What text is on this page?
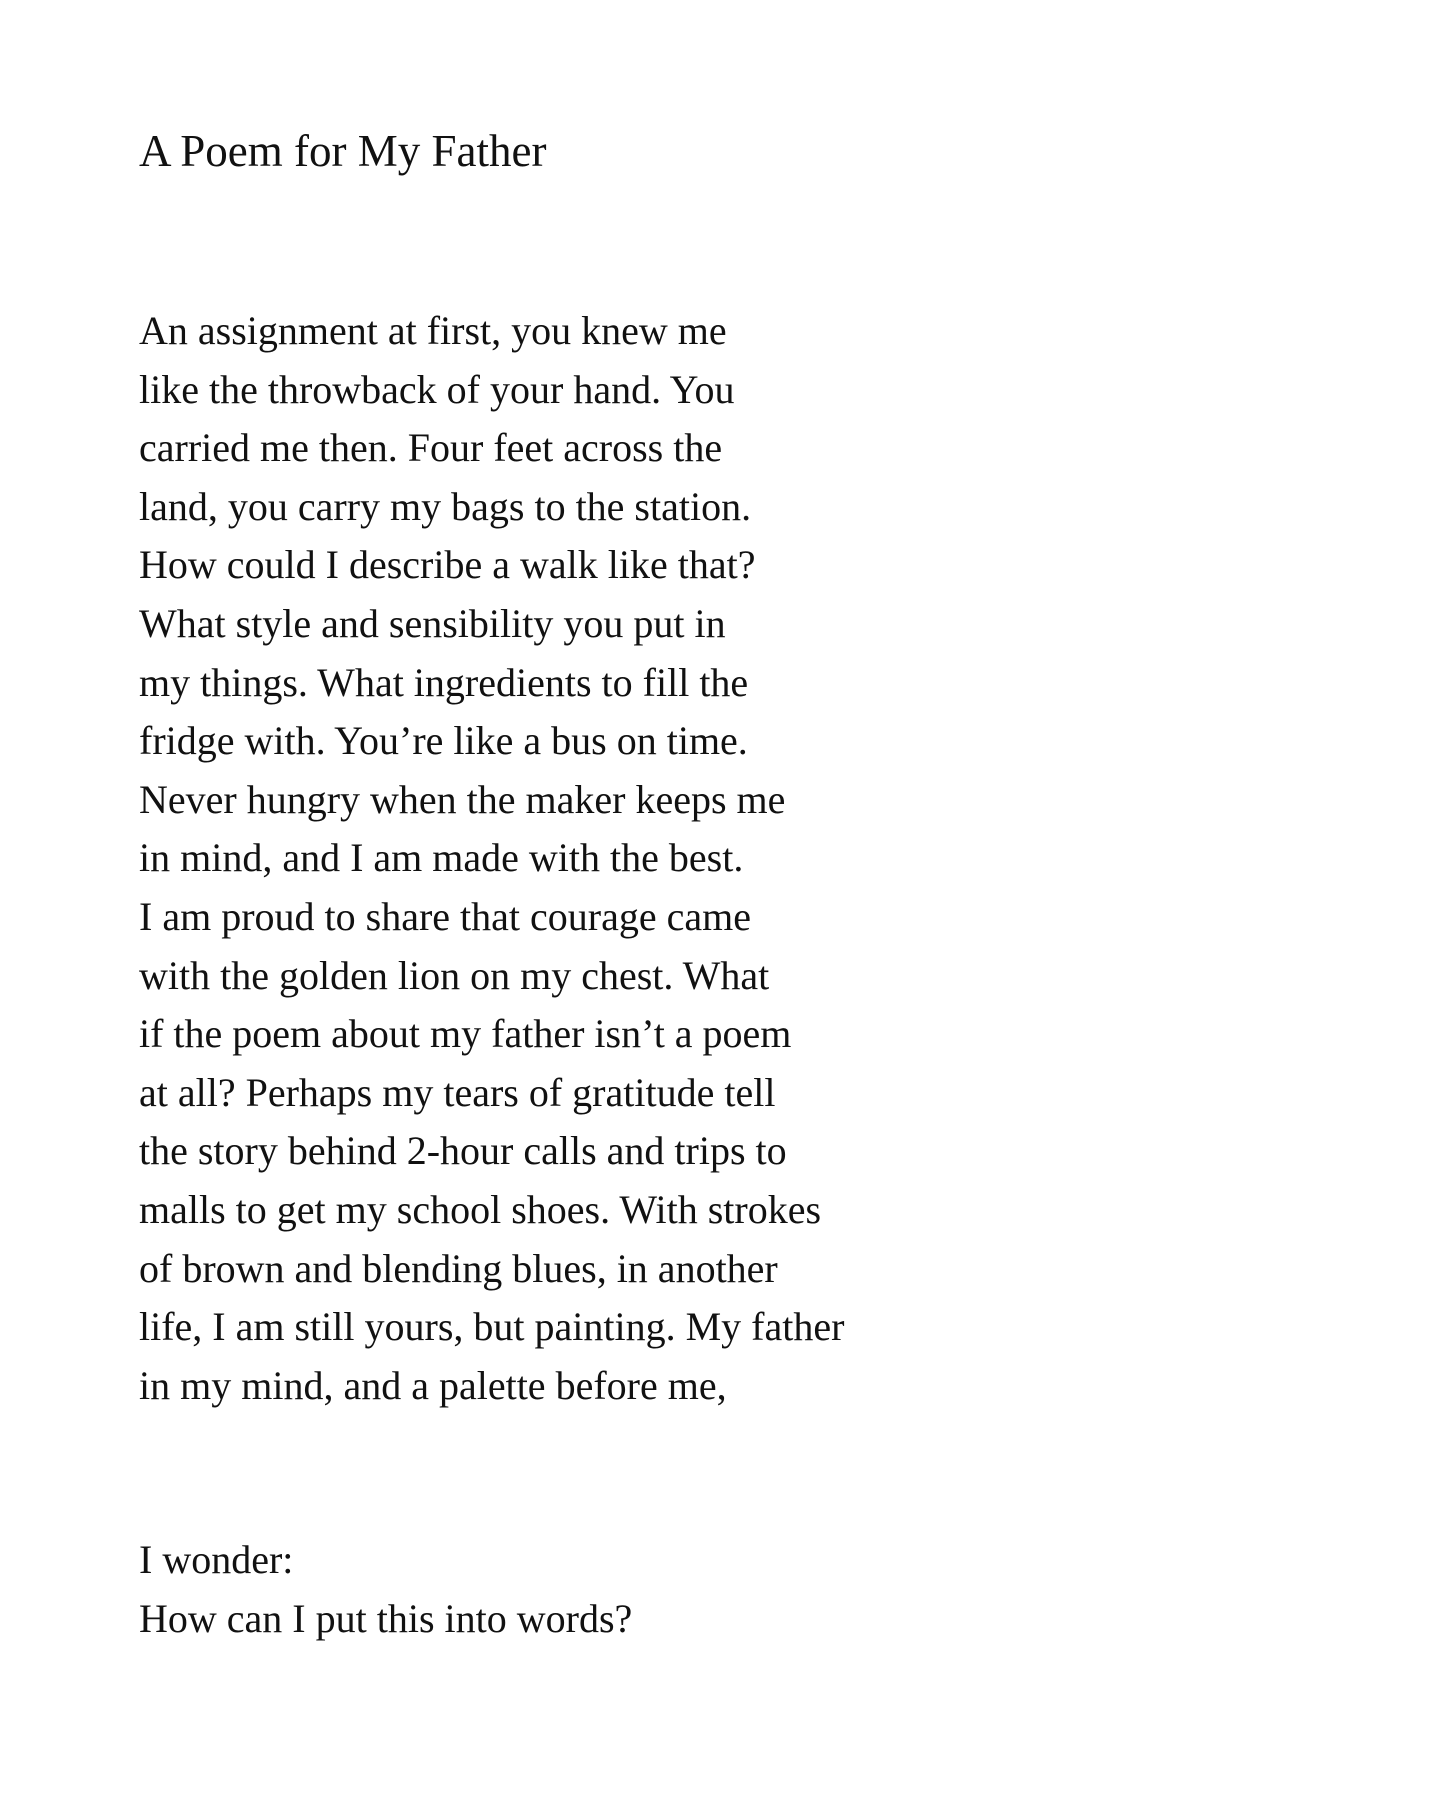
A Poem for My Father
An assignment at first, you knew me
like the throwback of your hand. You
carried me then. Four feet across the
land, you carry my bags to the station.
How could I describe a walk like that?
What style and sensibility you put in
my things. What ingredients to fill the
fridge with. You’re like a bus on time.
Never hungry when the maker keeps me
in mind, and I am made with the best.
I am proud to share that courage came
with the golden lion on my chest. What
if the poem about my father isn’t a poem
at all? Perhaps my tears of gratitude tell
the story behind 2-hour calls and trips to
malls to get my school shoes. With strokes
of brown and blending blues, in another
life, I am still yours, but painting. My father
in my mind, and a palette before me,
I wonder:
How can I put this into words?
